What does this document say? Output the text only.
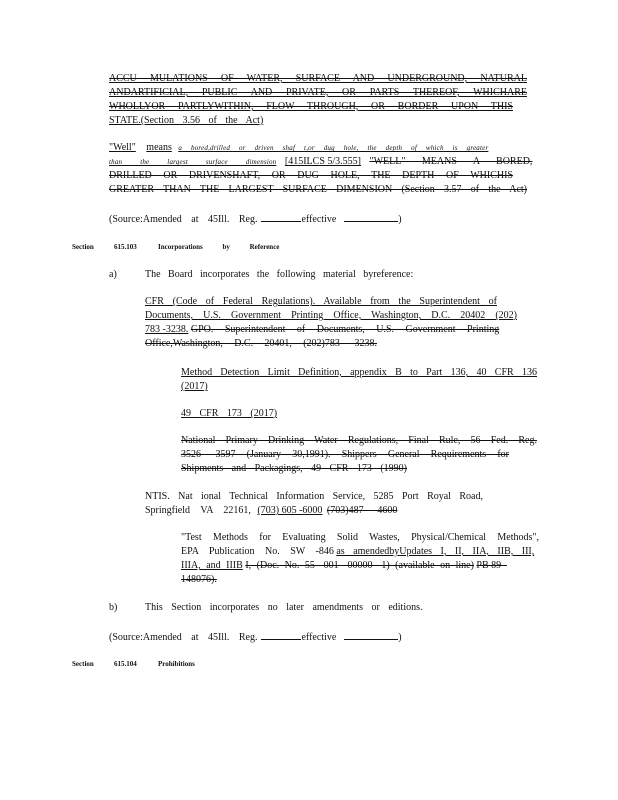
ACCU MULATIONS OF WATER, SURFACE AND UNDERGROUND, NATURAL
ANDARTIFICIAL, PUBLIC AND PRIVATE, OR PARTS THEREOF, WHICHARE
WHOLLYOR PARTLYWITHIN, FLOW THROUGH, OR BORDER UPON THIS
STATE.(Section 3.56 of the Act)
"Well" means a bored,drilled or driven shaf t,or dug hole, the depth of which is greater
than the largest surface dimension [415ILCS 5/3.555] "WELL" MEANS A BORED,
DRILLED OR DRIVENSHAFT, OR DUG HOLE, THE DEPTH OF WHICHIS
GREATER THAN THE LARGEST SURFACE DIMENSION (Section 3.57 of the Act)
(Source:Amended at 45Ill. Reg.	effective	)
Section	615.103	Incorporations by Reference
a)	The Board incorporates the following material byreference:
CFR (Code of Federal Regulations). Available from the Superintendent of
Documents, U.S. Government Printing Office, Washington, D.C. 20402 (202)
783 -3238. GPO. Superintendent of Documents, U.S. Government Printing
Office,Washington, D.C. 20401, (202)783 -3238.
Method Detection Limit Definition, appendix B to Part 136, 40 CFR 136
(2017)
49 CFR 173 (2017)
National Primary Drinking Water Regulations, Final Rule, 56 Fed. Reg.
3526 -3597 (January 30,1991). Shippers General Requirements for
Shipments and Packagings, 49 CFR 173 (1990)
NTIS. Nat ional Technical Information Service, 5285 Port Royal Road,
Springfield VA 22161, (703) 605 -6000 (703)487 -4600
"Test Methods for Evaluating Solid Wastes, Physical/Chemical Methods",
EPA Publication No. SW -846 as amendedbyUpdates I, II, IIA, IIB, III,
IIIA, and IIIB I, (Doc. No. 55 -001 -00000 -1) (available on line) PB 89 -
148076).
b)	This Section incorporates no later amendments or editions.
(Source:Amended at 45Ill. Reg.	effective	)
Section	615.104	Prohibitions
